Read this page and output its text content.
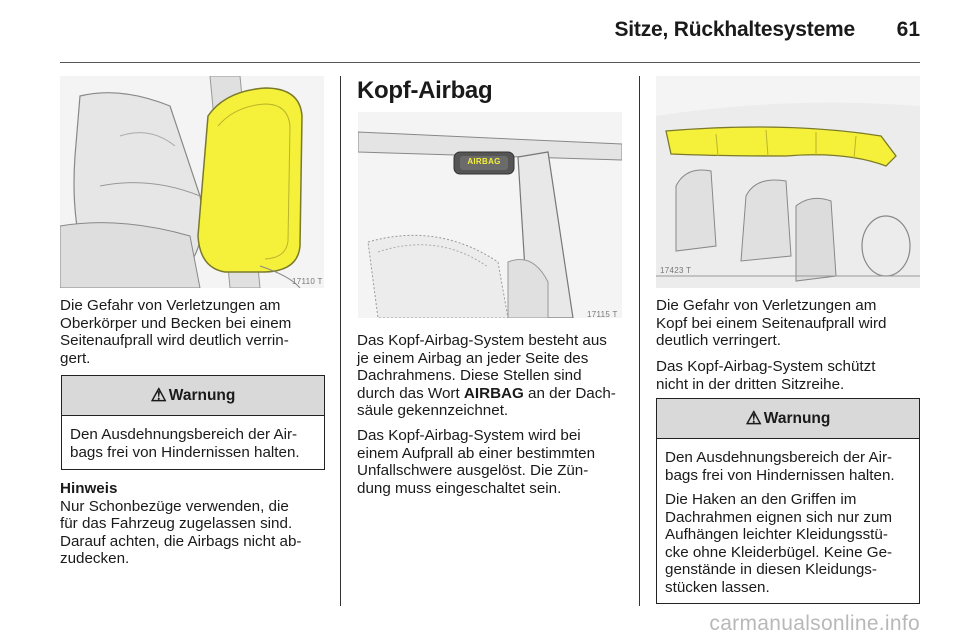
Sitze, Rückhaltesysteme 61
17110 T
Die Gefahr von Verletzungen am
Oberkörper und Becken bei einem
Seitenaufprall wird deutlich verrin-
gert.
⚠ Warnung
Den Ausdehnungsbereich der Air-
bags frei von Hindernissen halten.
Hinweis
Nur Schonbezüge verwenden, die
für das Fahrzeug zugelassen sind.
Darauf achten, die Airbags nicht ab-
zudecken.
Kopf-Airbag
AIRBAG
17115 T
Das Kopf-Airbag-System besteht aus
je einem Airbag an jeder Seite des
Dachrahmens. Diese Stellen sind
durch das Wort AIRBAG an der Dach-
säule gekennzeichnet.
Das Kopf-Airbag-System wird bei
einem Aufprall ab einer bestimmten
Unfallschwere ausgelöst. Die Zün-
dung muss eingeschaltet sein.
17423 T
Die Gefahr von Verletzungen am
Kopf bei einem Seitenaufprall wird
deutlich verringert.
Das Kopf-Airbag-System schützt
nicht in der dritten Sitzreihe.
⚠ Warnung

Den Ausdehnungsbereich der Air-
bags frei von Hindernissen halten.

Die Haken an den Griffen im
Dachrahmen eignen sich nur zum
Aufhängen leichter Kleidungsstü-
cke ohne Kleiderbügel. Keine Ge-
genstände in diesen Kleidungs-
stücken lassen.

carmanualsonline.info
